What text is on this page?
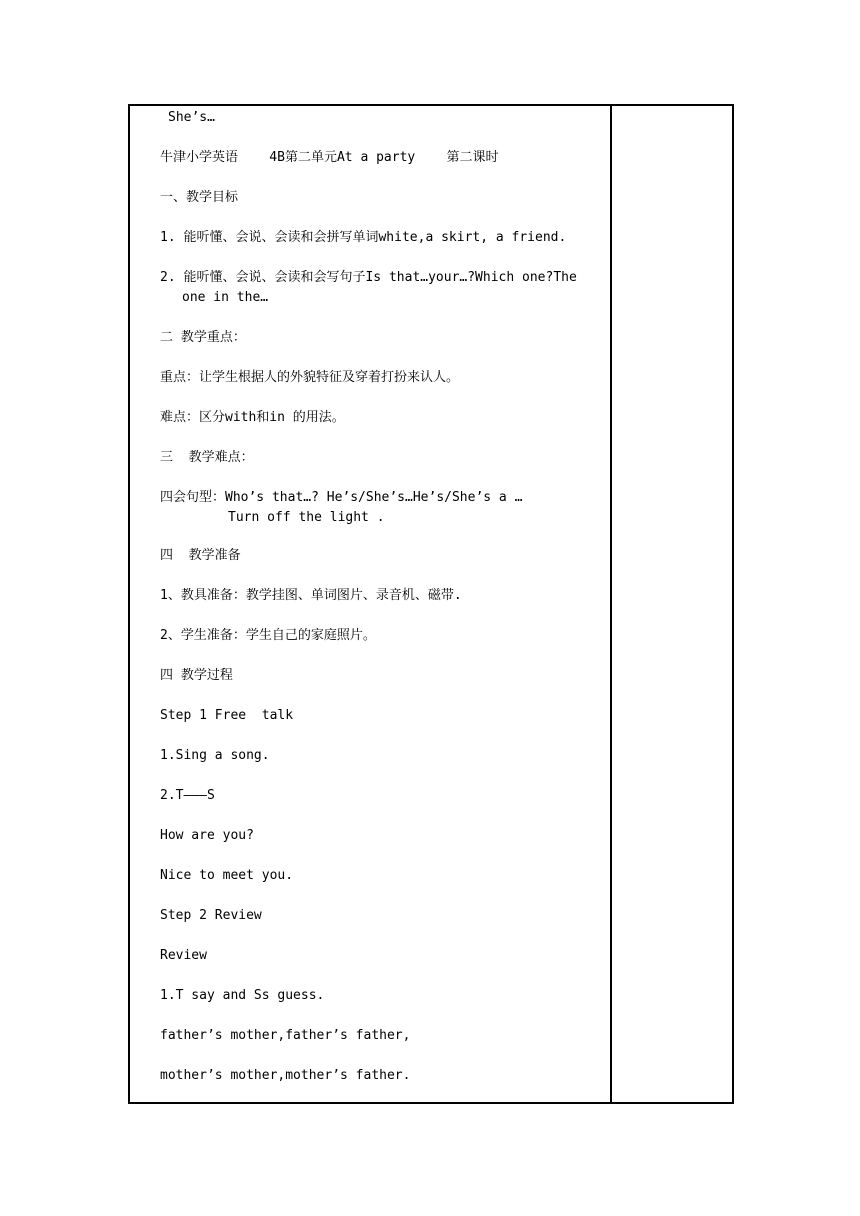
She’s…
牛津小学英语    4B第二单元At a party    第二课时
一、教学目标
1. 能听懂、会说、会读和会拼写单词white,a skirt, a friend.
2. 能听懂、会说、会读和会写句子Is that…your…?Which one?The
one in the…
二 教学重点：
重点：让学生根据人的外貌特征及穿着打扮来认人。
难点：区分with和in 的用法。
三  教学难点：
四会句型：Who’s that…? He’s/She’s…He’s/She’s a …
Turn off the light .
四  教学准备
1、教具准备：教学挂图、单词图片、录音机、磁带.
2、学生准备：学生自己的家庭照片。
四 教学过程
Step 1 Free  talk
1.Sing a song.
2.T———S
How are you?
Nice to meet you.
Step 2 Review
Review
1.T say and Ss guess.
father’s mother,father’s father,
mother’s mother,mother’s father.
